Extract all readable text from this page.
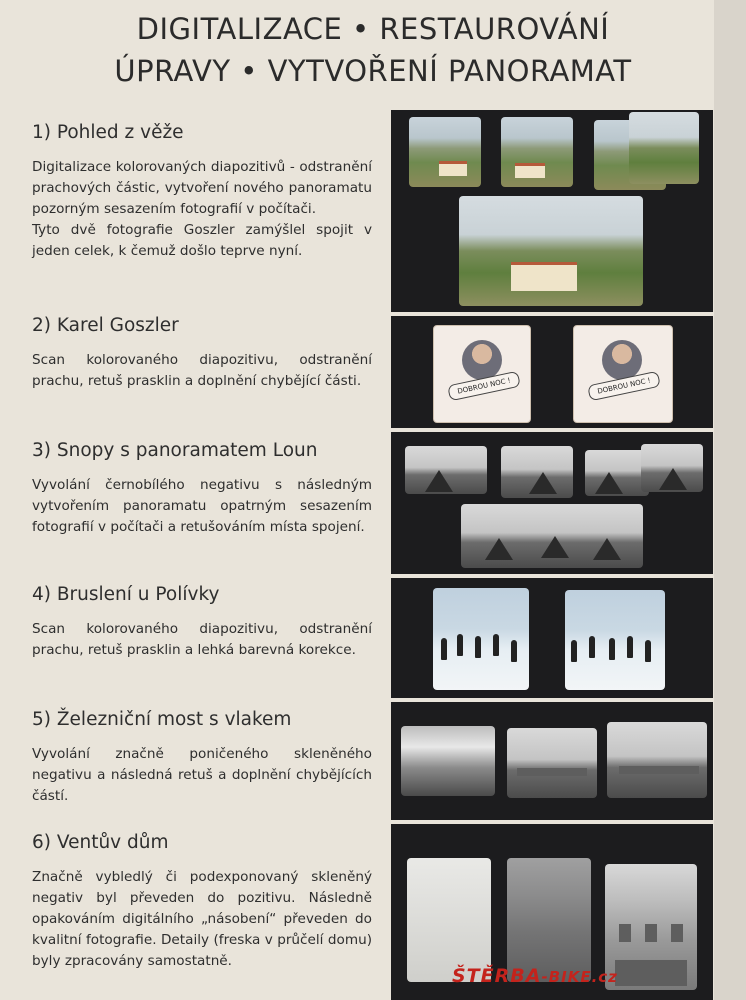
DIGITALIZACE • RESTAUROVÁNÍ
ÚPRAVY • VYTVOŘENÍ PANORAMAT
1) Pohled z věže
Digitalizace kolorovaných diapozitivů - odstranění prachových částic, vytvoření nového panoramatu pozorným sesazením fotografií v počítači.
Tyto dvě fotografie Goszler zamýšlel spojit v jeden celek, k čemuž došlo teprve nyní.
2) Karel Goszler
Scan kolorovaného diapozitivu, odstranění prachu, retuš prasklin a doplnění chybějící části.
3) Snopy s panoramatem Loun
Vyvolání černobílého negativu s následným vytvořením panoramatu opatrným sesazením fotografií v počítači a retušováním místa spojení.
4) Bruslení u Polívky
Scan kolorovaného diapozitivu, odstranění prachu, retuš prasklin a lehká barevná korekce.
5) Železniční most s vlakem
Vyvolání značně poničeného skleněného negativu a následná retuš a doplnění chybějících částí.
6) Ventův dům
Značně vybledlý či podexponovaný skleněný negativ byl převeden do pozitivu. Následně opakováním digitálního „násobení“ převeden do kvalitní fotografie. Detaily (freska v průčelí domu) byly zpracovány samostatně.
DOBROU NOC !	DOBROU NOC !
ŠTĚRBA-BIKE.cz
